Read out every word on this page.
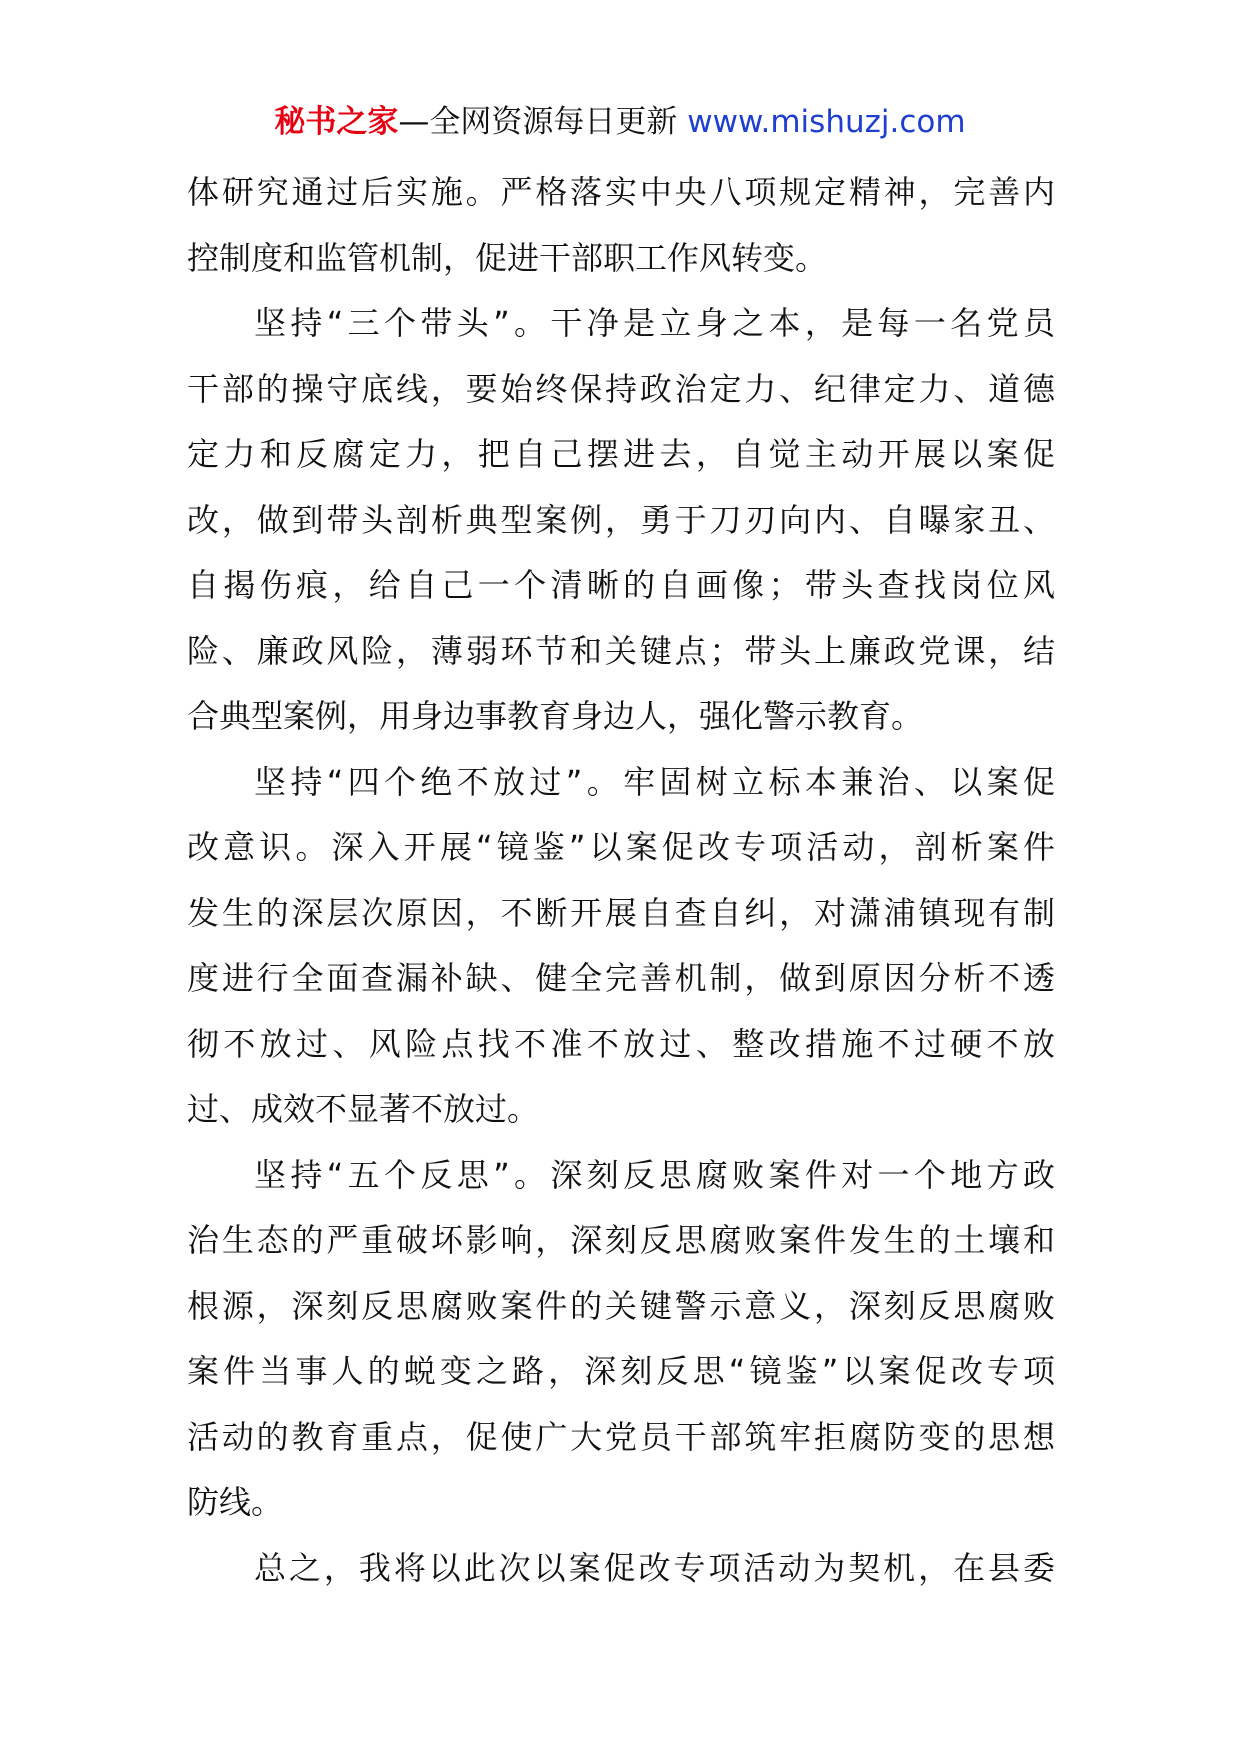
秘书之家—全网资源每日更新 www.mishuzj.com
体研究通过后实施。严格落实中央八项规定精神，完善内
控制度和监管机制，促进干部职工作风转变。
坚持“三个带头”。干净是立身之本，是每一名党员
干部的操守底线，要始终保持政治定力、纪律定力、道德
定力和反腐定力，把自己摆进去，自觉主动开展以案促
改，做到带头剖析典型案例，勇于刀刃向内、自曝家丑、
自揭伤痕，给自己一个清晰的自画像；带头查找岗位风
险、廉政风险，薄弱环节和关键点；带头上廉政党课，结
合典型案例，用身边事教育身边人，强化警示教育。
坚持“四个绝不放过”。牢固树立标本兼治、以案促
改意识。深入开展“镜鉴”以案促改专项活动，剖析案件
发生的深层次原因，不断开展自查自纠，对潇浦镇现有制
度进行全面查漏补缺、健全完善机制，做到原因分析不透
彻不放过、风险点找不准不放过、整改措施不过硬不放
过、成效不显著不放过。
坚持“五个反思”。深刻反思腐败案件对一个地方政
治生态的严重破坏影响，深刻反思腐败案件发生的土壤和
根源，深刻反思腐败案件的关键警示意义，深刻反思腐败
案件当事人的蜕变之路，深刻反思“镜鉴”以案促改专项
活动的教育重点，促使广大党员干部筑牢拒腐防变的思想
防线。
总之，我将以此次以案促改专项活动为契机，在县委
